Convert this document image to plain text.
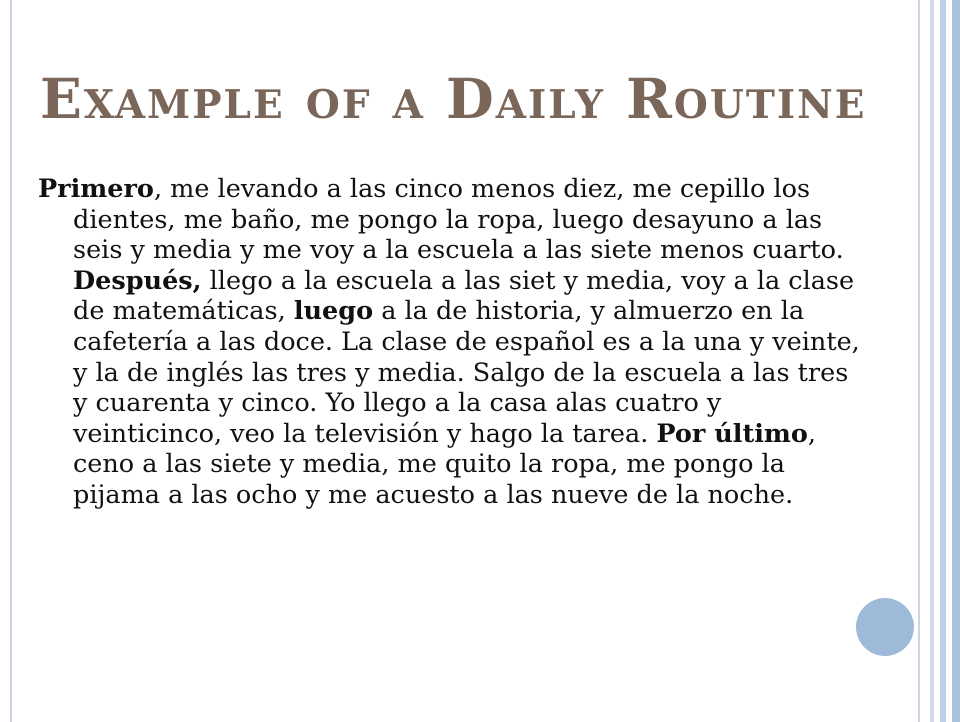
Example of a Daily Routine

Primero, me levando a las cinco menos diez, me cepillo los dientes, me baño, me pongo la ropa, luego desayuno a las seis y media y me voy a la escuela a las siete menos cuarto. Después, llego a la escuela a las siet y media, voy a la clase de matemáticas, luego a la de historia, y almuerzo en la cafetería a las doce. La clase de español es a la una y veinte, y la de inglés las tres y media. Salgo de la escuela a las tres y cuarenta y cinco. Yo llego a la casa alas cuatro y veinticinco, veo la televisión y hago la tarea. Por último, ceno a las siete y media, me quito la ropa, me pongo la pijama a las ocho y me acuesto a las nueve de la noche.
